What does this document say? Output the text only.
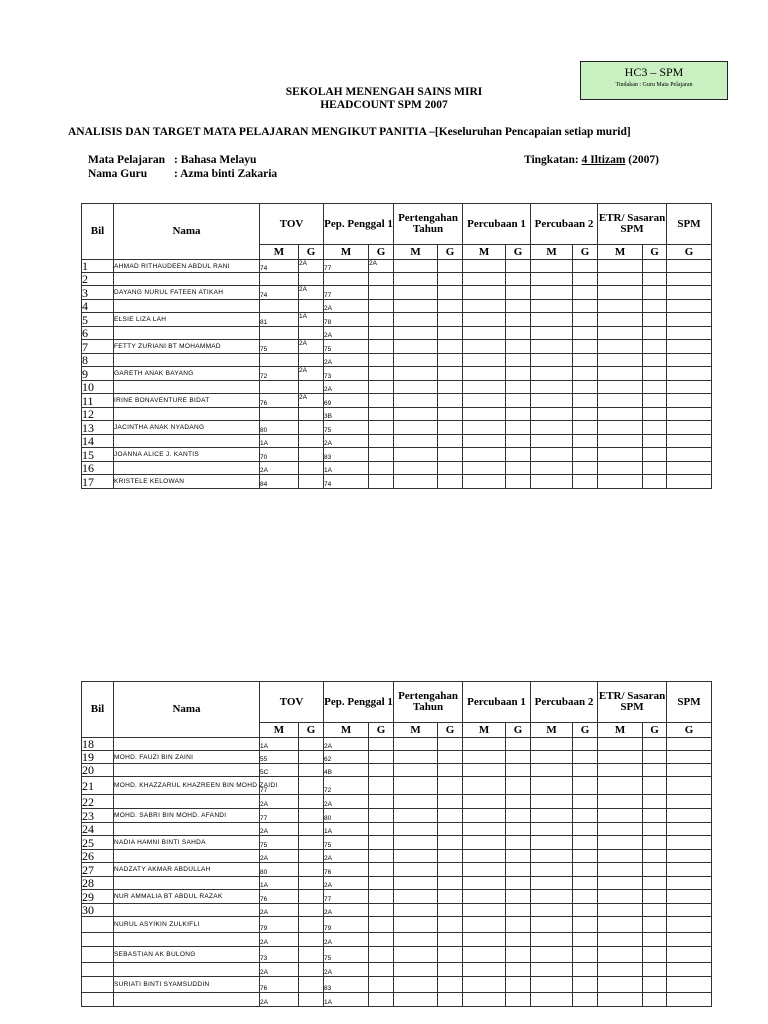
HC3 – SPM
Tindakan : Guru Mata Pelajaran
SEKOLAH MENENGAH SAINS MIRI
HEADCOUNT SPM 2007
ANALISIS DAN TARGET MATA PELAJARAN MENGIKUT PANITIA –[Keseluruhan Pencapaian setiap murid]
Mata Pelajaran : Bahasa Melayu
Nama Guru : Azma binti Zakaria
Tingkatan: 4 Iltizam (2007)
Bil	Nama	TOV		Pep. Penggal 1		Pertengahan Tahun		Percubaan 1		Percubaan 2		ETR/ Sasaran SPM		SPM
		M	G	M	G	M	G	M	G	M	G	M	G	G
1	AHMAD RITHAUDEEN ABDUL RANI	74	2A	77	2A									
2														
3	DAYANG NURUL FATEEN ATIKAH	74	2A	77										
4				2A										
5	ELSIE LIZA LAH	81	1A	78										
6				2A										
7	FETTY ZURIANI BT MOHAMMAD	75	2A	75										
8				2A										
9	GARETH ANAK BAYANG	72	2A	73										
10				2A										
11	IRINE BONAVENTURE BIDAT	76	2A	69										
12				3B										
13	JACINTHA ANAK NYADANG	80		75										
14		1A		2A										
15	JOANNA ALICE J. KANTIS	70		83										
16		2A		1A										
17	KRISTELE KELOWAN	84		74										
Bil	Nama	TOV		Pep. Penggal 1		Pertengahan Tahun		Percubaan 1		Percubaan 2		ETR/ Sasaran SPM		SPM
		M	G	M	G	M	G	M	G	M	G	M	G	G
18		1A		2A										
19	MOHD. FAUZI BIN ZAINI	55		62										
20		5C		4B										
21	MOHD. KHAZZARUL KHAZREEN BIN MOHD ZAIDI	77		72										
22		2A		2A										
23	MOHD. SABRI BIN MOHD. AFANDI	77		80										
24		2A		1A										
25	NADIA HAMNI BINTI SAHDA	75		75										
26		2A		2A										
27	NADZATY AKMAR ABDULLAH	80		76										
28		1A		2A										
29	NUR AMMALIA BT ABDUL RAZAK	76		77										
30		2A		2A										
	NURUL ASYIKIN ZULKIFLI	79		79										
		2A		2A										
	SEBASTIAN AK BULONG	73		75										
		2A		2A										
	SURIATI BINTI SYAMSUDDIN	76		83										
		2A		1A										
